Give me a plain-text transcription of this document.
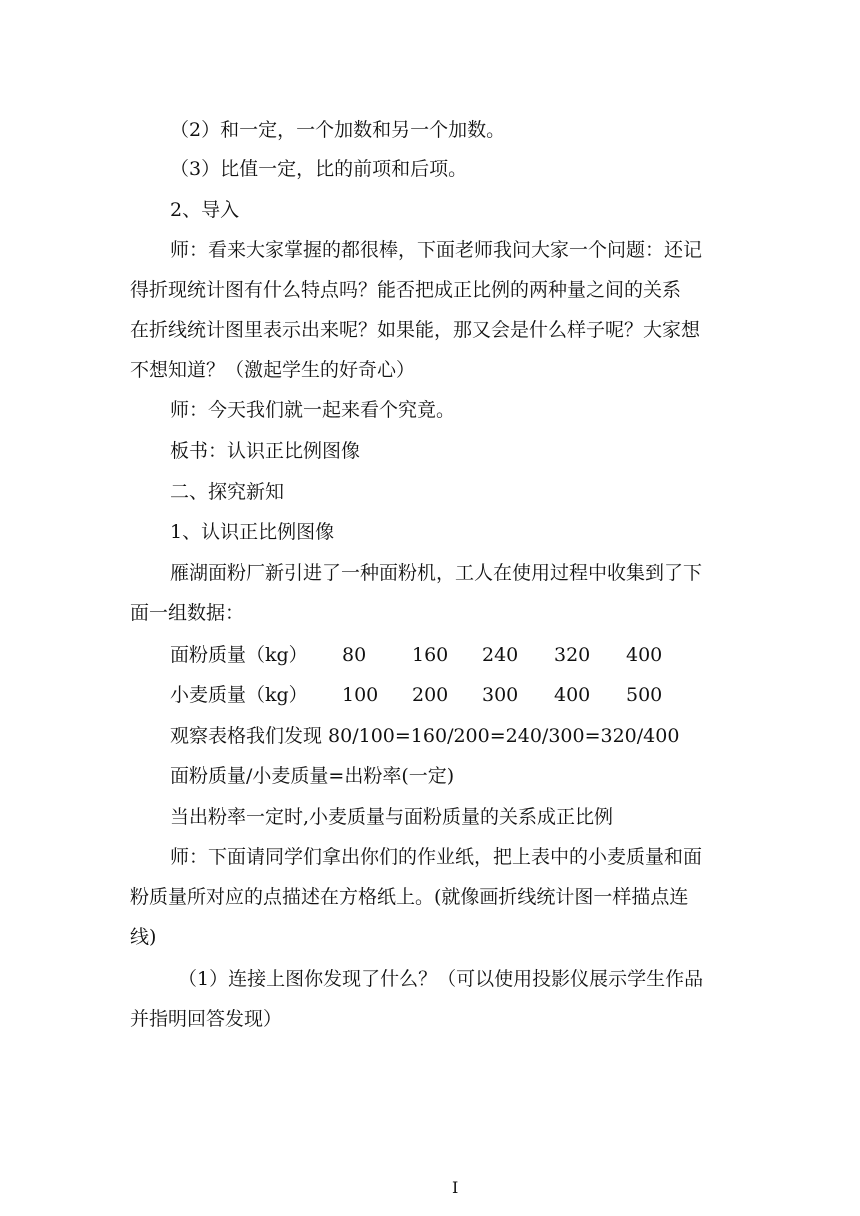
（2）和一定，一个加数和另一个加数。
（3）比值一定，比的前项和后项。
2、导入
师：看来大家掌握的都很棒，下面老师我问大家一个问题：还记
得折现统计图有什么特点吗？能否把成正比例的两种量之间的关系
在折线统计图里表示出来呢？如果能，那又会是什么样子呢？大家想
不想知道？（激起学生的好奇心）
师：今天我们就一起来看个究竟。
板书：认识正比例图像
二、探究新知
1、认识正比例图像
雁湖面粉厂新引进了一种面粉机，工人在使用过程中收集到了下
面一组数据：
面粉质量（kg） 80 160 240 320 400
小麦质量（kg） 100 200 300 400 500
观察表格我们发现 80/100=160/200=240/300=320/400
面粉质量/小麦质量=出粉率(一定)
当出粉率一定时,小麦质量与面粉质量的关系成正比例
师：下面请同学们拿出你们的作业纸，把上表中的小麦质量和面
粉质量所对应的点描述在方格纸上。(就像画折线统计图一样描点连
线)
（1）连接上图你发现了什么？（可以使用投影仪展示学生作品
并指明回答发现）
I
